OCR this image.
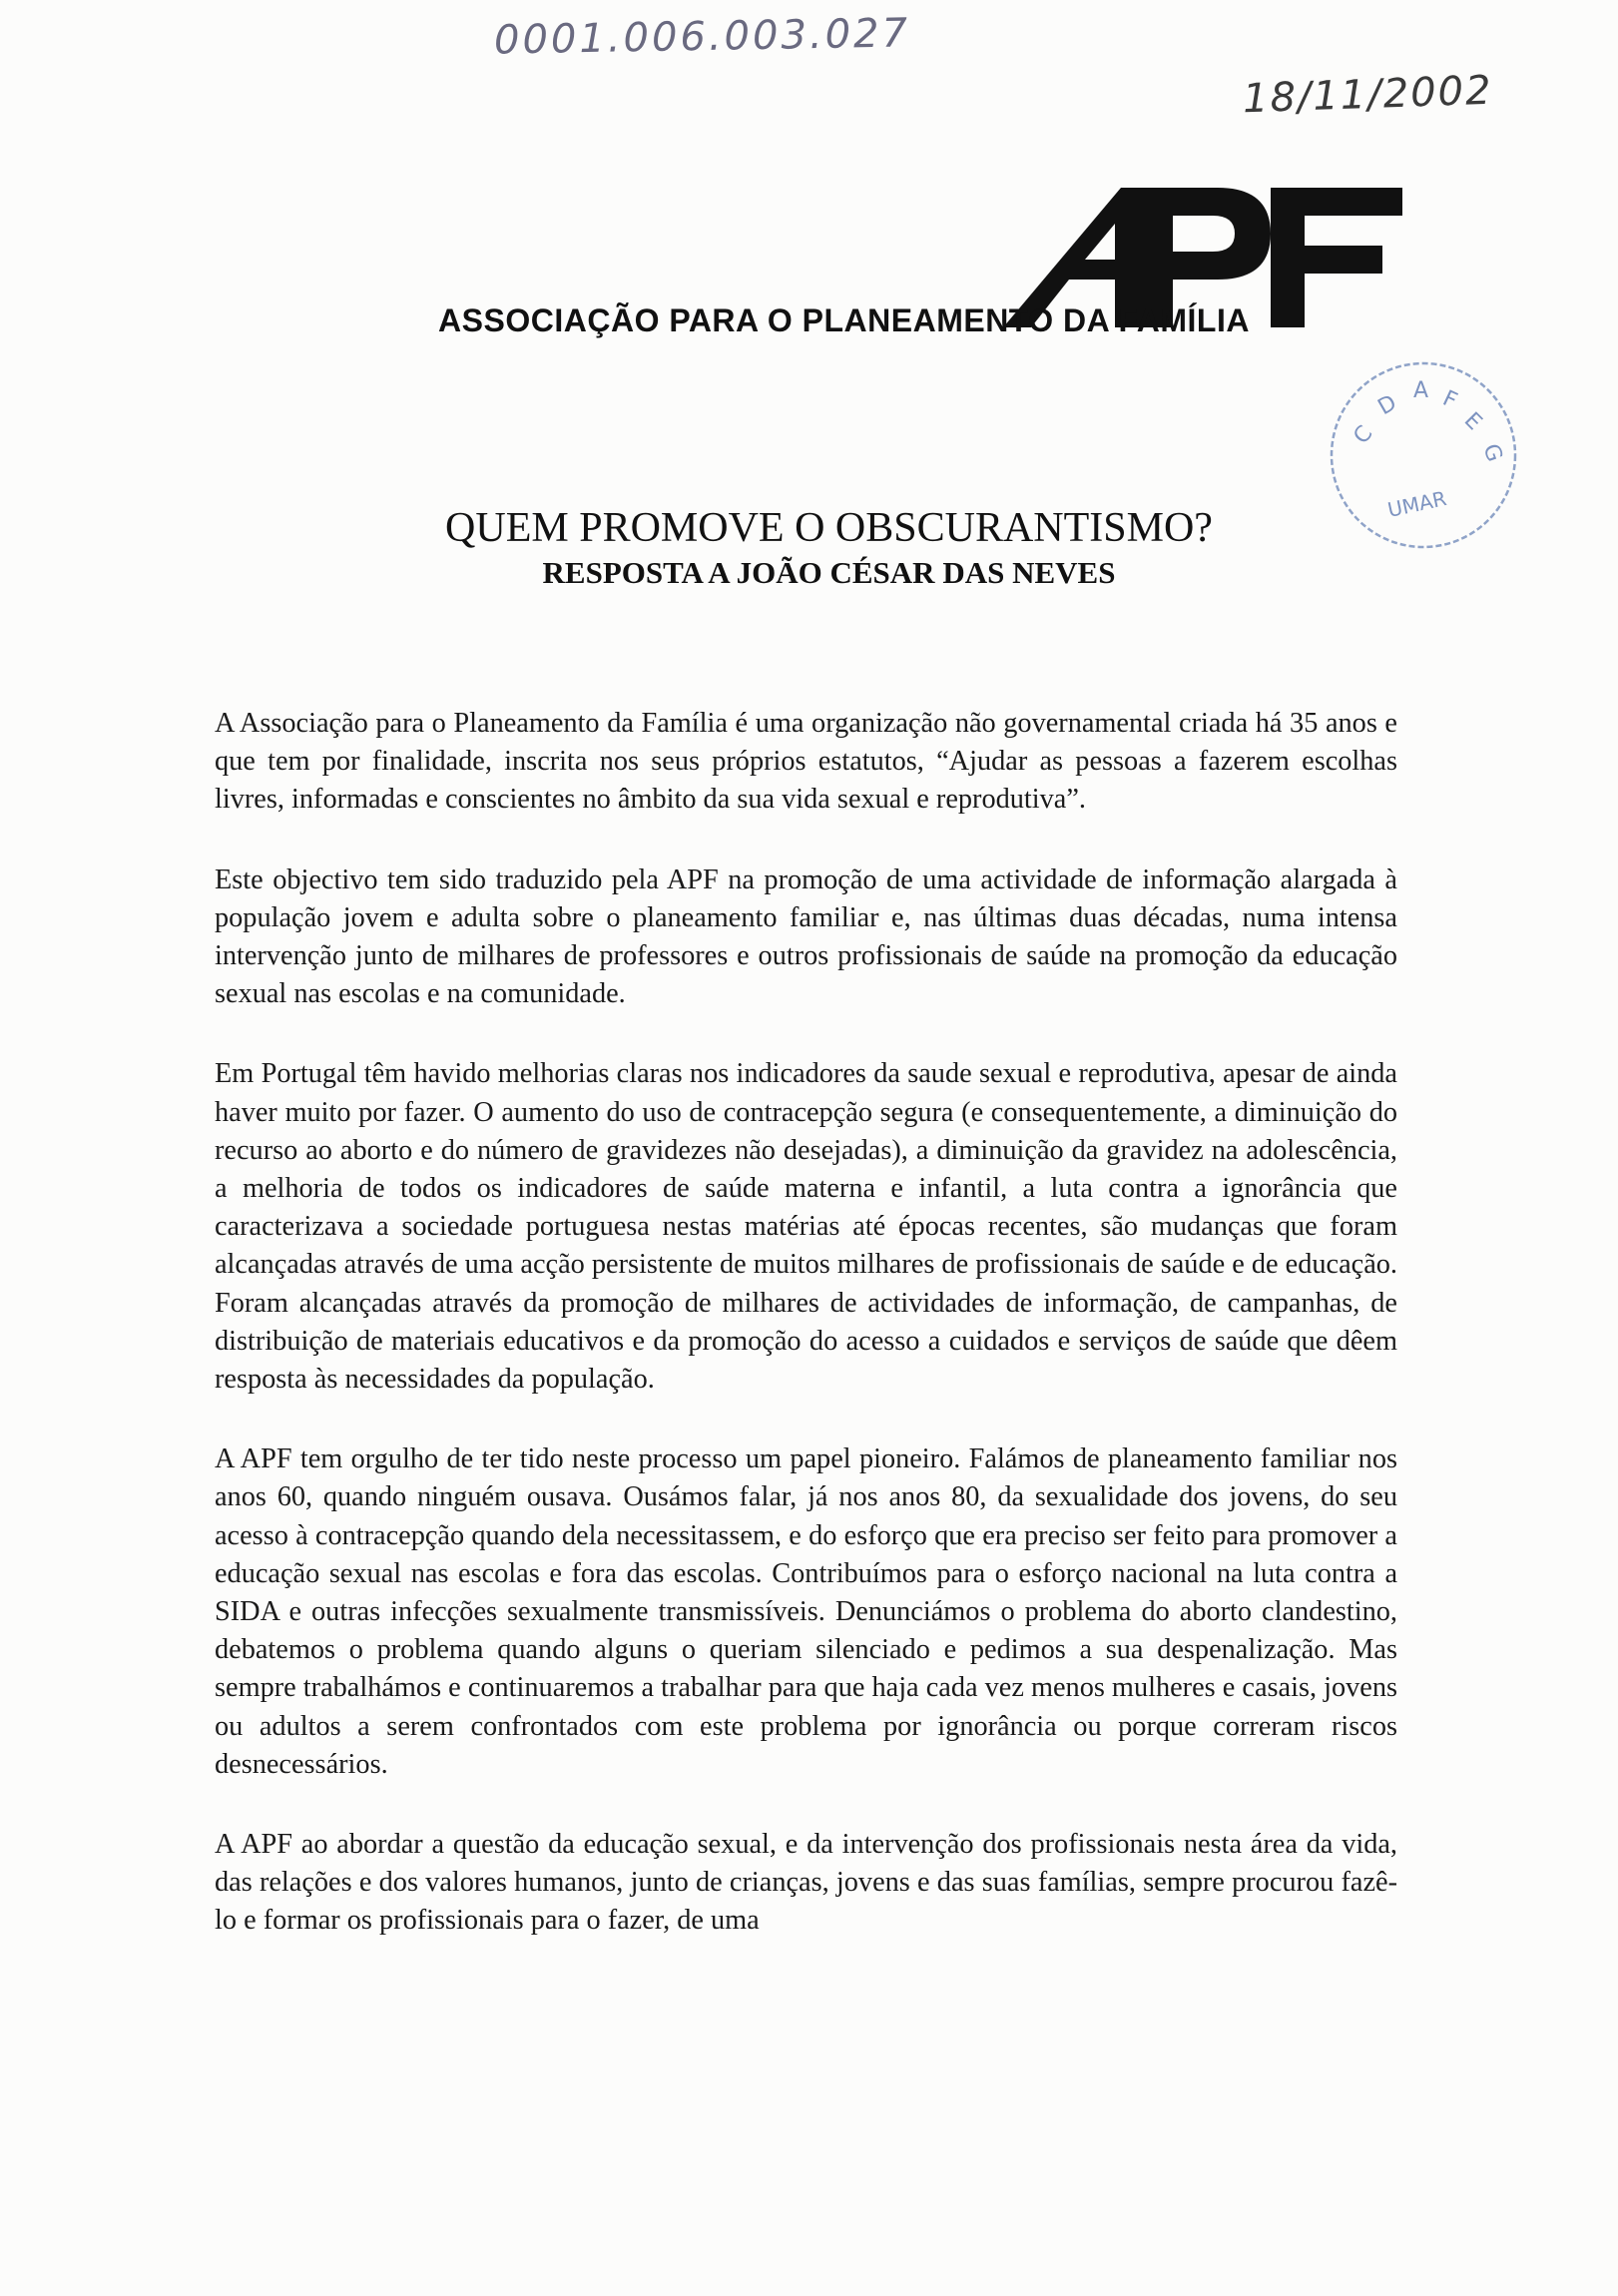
0001.006.003.027
18/11/2002
ASSOCIAÇÃO PARA O PLANEAMENTO DA FAMÍLIA
C
D A F
E
G
UMAR
QUEM PROMOVE O OBSCURANTISMO?
RESPOSTA A JOÃO CÉSAR DAS NEVES

A Associação para o Planeamento da Família é uma organização não governamental criada há 35 anos e que tem por finalidade, inscrita nos seus próprios estatutos, “Ajudar as pessoas a fazerem escolhas livres, informadas e conscientes no âmbito da sua vida sexual e reprodutiva”.

Este objectivo tem sido traduzido pela APF na promoção de uma actividade de informação alargada à população jovem e adulta sobre o planeamento familiar e, nas últimas duas décadas, numa intensa intervenção junto de milhares de professores e outros profissionais de saúde na promoção da educação sexual nas escolas e na comunidade.

Em Portugal têm havido melhorias claras nos indicadores da saude sexual e reprodutiva, apesar de ainda haver muito por fazer. O aumento do uso de contracepção segura (e consequentemente, a diminuição do recurso ao aborto e do número de gravidezes não desejadas), a diminuição da gravidez na adolescência, a melhoria de todos os indicadores de saúde materna e infantil, a luta contra a ignorância que caracterizava a sociedade portuguesa nestas matérias até épocas recentes, são mudanças que foram alcançadas através de uma acção persistente de muitos milhares de profissionais de saúde e de educação. Foram alcançadas através da promoção de milhares de actividades de informação, de campanhas, de distribuição de materiais educativos e da promoção do acesso a cuidados e serviços de saúde que dêem resposta às necessidades da população.

A APF tem orgulho de ter tido neste processo um papel pioneiro. Falámos de planeamento familiar nos anos 60, quando ninguém ousava. Ousámos falar, já nos anos 80, da sexualidade dos jovens, do seu acesso à contracepção quando dela necessitassem, e do esforço que era preciso ser feito para promover a educação sexual nas escolas e fora das escolas. Contribuímos para o esforço nacional na luta contra a SIDA e outras infecções sexualmente transmissíveis. Denunciámos o problema do aborto clandestino, debatemos o problema quando alguns o queriam silenciado e pedimos a sua despenalização. Mas sempre trabalhámos e continuaremos a trabalhar para que haja cada vez menos mulheres e casais, jovens ou adultos a serem confrontados com este problema por ignorância ou porque correram riscos desnecessários.

A APF ao abordar a questão da educação sexual, e da intervenção dos profissionais nesta área da vida, das relações e dos valores humanos, junto de crianças, jovens e das suas famílias, sempre procurou fazê-lo e formar os profissionais para o fazer, de uma
